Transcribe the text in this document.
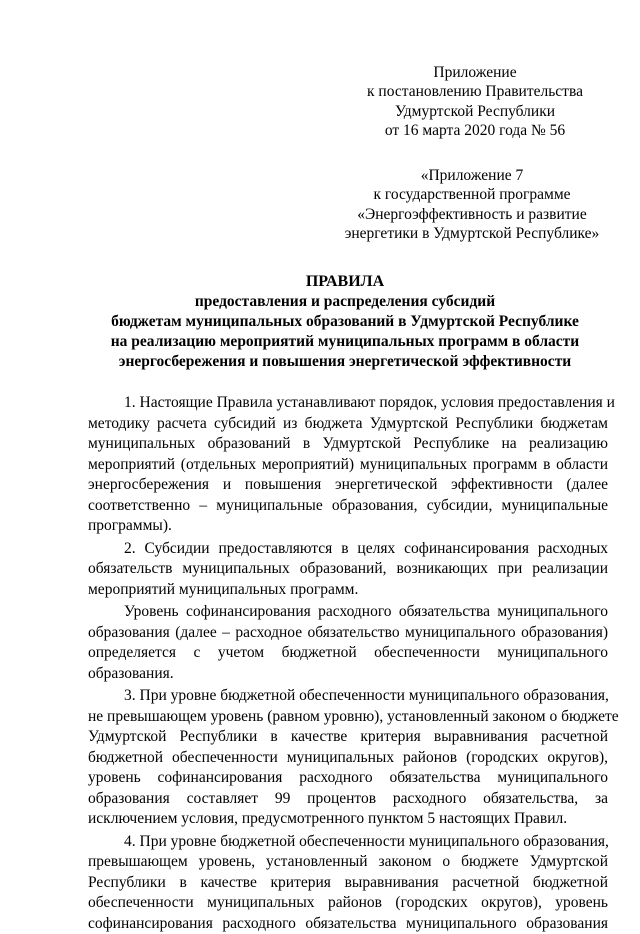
Приложение
к постановлению Правительства
Удмуртской Республики
от 16 марта 2020 года № 56
«Приложение 7
к государственной программе
«Энергоэффективность и развитие
энергетики в Удмуртской Республике»
ПРАВИЛА
предоставления и распределения субсидий
бюджетам муниципальных образований в Удмуртской Республике
на реализацию мероприятий муниципальных программ в области
энергосбережения и повышения энергетической эффективности

1. Настоящие Правила устанавливают порядок, условия предоставления и
методику расчета субсидий из бюджета Удмуртской Республики бюджетам
муниципальных образований в Удмуртской Республике на реализацию
мероприятий (отдельных мероприятий) муниципальных программ в области
энергосбережения и повышения энергетической эффективности (далее
соответственно – муниципальные образования, субсидии, муниципальные
программы).

2. Субсидии предоставляются в целях софинансирования расходных
обязательств муниципальных образований, возникающих при реализации
мероприятий муниципальных программ.

Уровень софинансирования расходного обязательства муниципального
образования (далее – расходное обязательство муниципального образования)
определяется с учетом бюджетной обеспеченности муниципального
образования.

3. При уровне бюджетной обеспеченности муниципального образования,
не превышающем уровень (равном уровню), установленный законом о бюджете
Удмуртской Республики в качестве критерия выравнивания расчетной
бюджетной обеспеченности муниципальных районов (городских округов),
уровень софинансирования расходного обязательства муниципального
образования составляет 99 процентов расходного обязательства, за
исключением условия, предусмотренного пунктом 5 настоящих Правил.

4. При уровне бюджетной обеспеченности муниципального образования,
превышающем уровень, установленный законом о бюджете Удмуртской
Республики в качестве критерия выравнивания расчетной бюджетной
обеспеченности муниципальных районов (городских округов), уровень
софинансирования расходного обязательства муниципального образования
